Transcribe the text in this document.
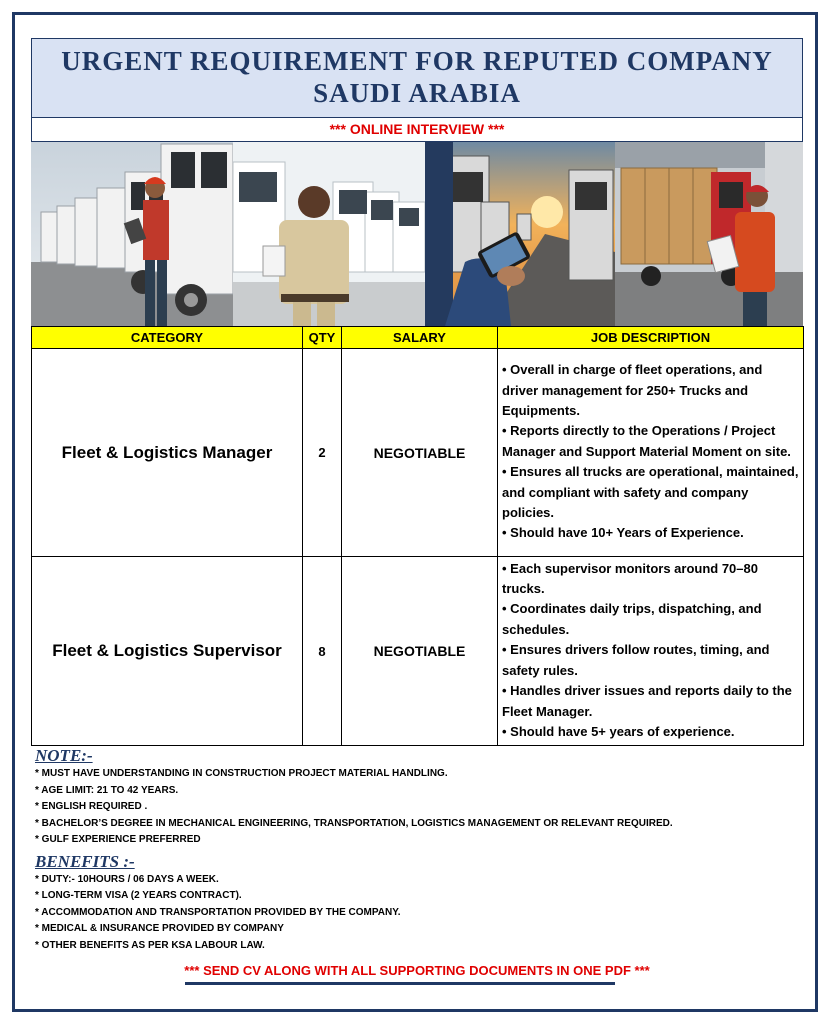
URGENT REQUIREMENT FOR REPUTED COMPANY
SAUDI ARABIA
*** ONLINE INTERVIEW ***
CATEGORY	QTY	SALARY	JOB DESCRIPTION
Fleet & Logistics Manager	2	NEGOTIABLE	• Overall in charge of fleet operations, and driver management for 250+ Trucks and Equipments.
• Reports directly to the Operations / Project Manager and Support Material Moment on site.
• Ensures all trucks are operational, maintained, and compliant with safety and company policies.
• Should have 10+ Years of Experience.

Fleet & Logistics Supervisor	8	NEGOTIABLE	• Each supervisor monitors around 70–80 trucks.
• Coordinates daily trips, dispatching, and schedules.
• Ensures drivers follow routes, timing, and safety rules.
• Handles driver issues and reports daily to the Fleet Manager.
• Should have 5+ years of experience.
NOTE:-
* MUST HAVE UNDERSTANDING IN CONSTRUCTION PROJECT MATERIAL HANDLING.
* AGE LIMIT: 21 TO 42 YEARS.
* ENGLISH REQUIRED .
* BACHELOR’S DEGREE IN MECHANICAL ENGINEERING, TRANSPORTATION, LOGISTICS MANAGEMENT OR RELEVANT REQUIRED.
* GULF EXPERIENCE PREFERRED
BENEFITS :-
* DUTY:- 10HOURS / 06 DAYS A WEEK.
* LONG-TERM VISA (2 YEARS CONTRACT).
* ACCOMMODATION AND TRANSPORTATION PROVIDED BY THE COMPANY.
* MEDICAL & INSURANCE PROVIDED BY COMPANY
* OTHER BENEFITS AS PER KSA LABOUR LAW.
*** SEND CV ALONG WITH ALL SUPPORTING DOCUMENTS IN ONE PDF ***
